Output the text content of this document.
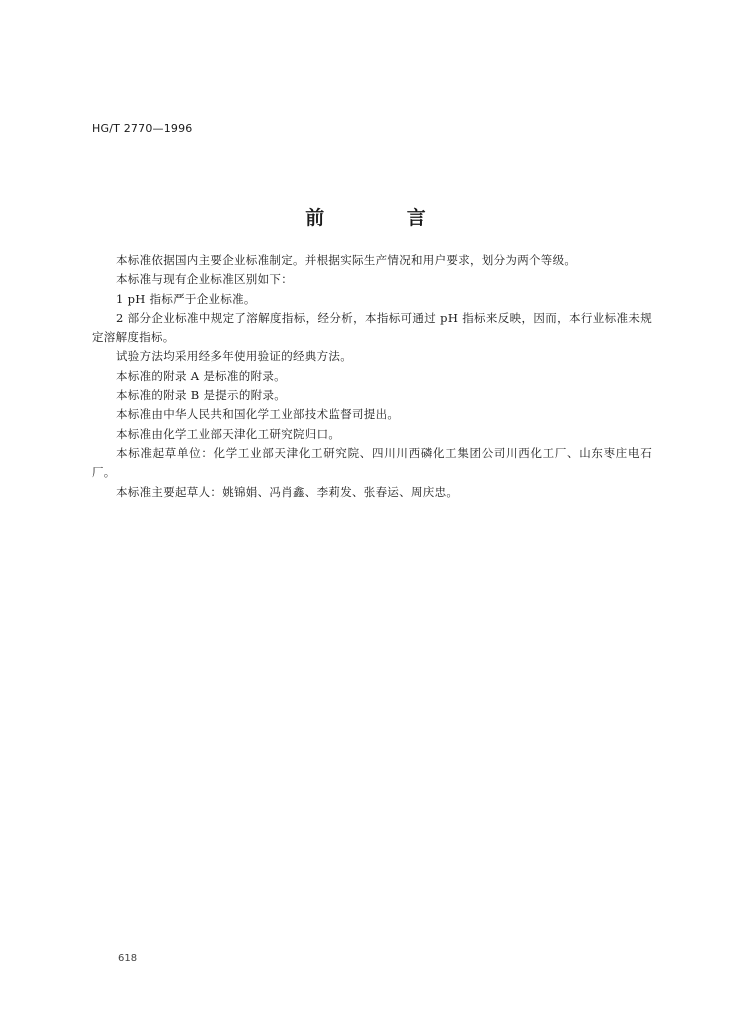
HG/T 2770—1996
前 言

本标准依据国内主要企业标准制定。并根据实际生产情况和用户要求，划分为两个等级。

本标准与现有企业标准区别如下：

1 pH 指标严于企业标准。

2 部分企业标准中规定了溶解度指标，经分析，本指标可通过 pH 指标来反映，因而，本行业标准未规定溶解度指标。

试验方法均采用经多年使用验证的经典方法。

本标准的附录 A 是标准的附录。

本标准的附录 B 是提示的附录。

本标准由中华人民共和国化学工业部技术监督司提出。

本标准由化学工业部天津化工研究院归口。

本标准起草单位：化学工业部天津化工研究院、四川川西磷化工集团公司川西化工厂、山东枣庄电石厂。

本标准主要起草人：姚锦娟、冯肖鑫、李莉发、张春运、周庆忠。

618
